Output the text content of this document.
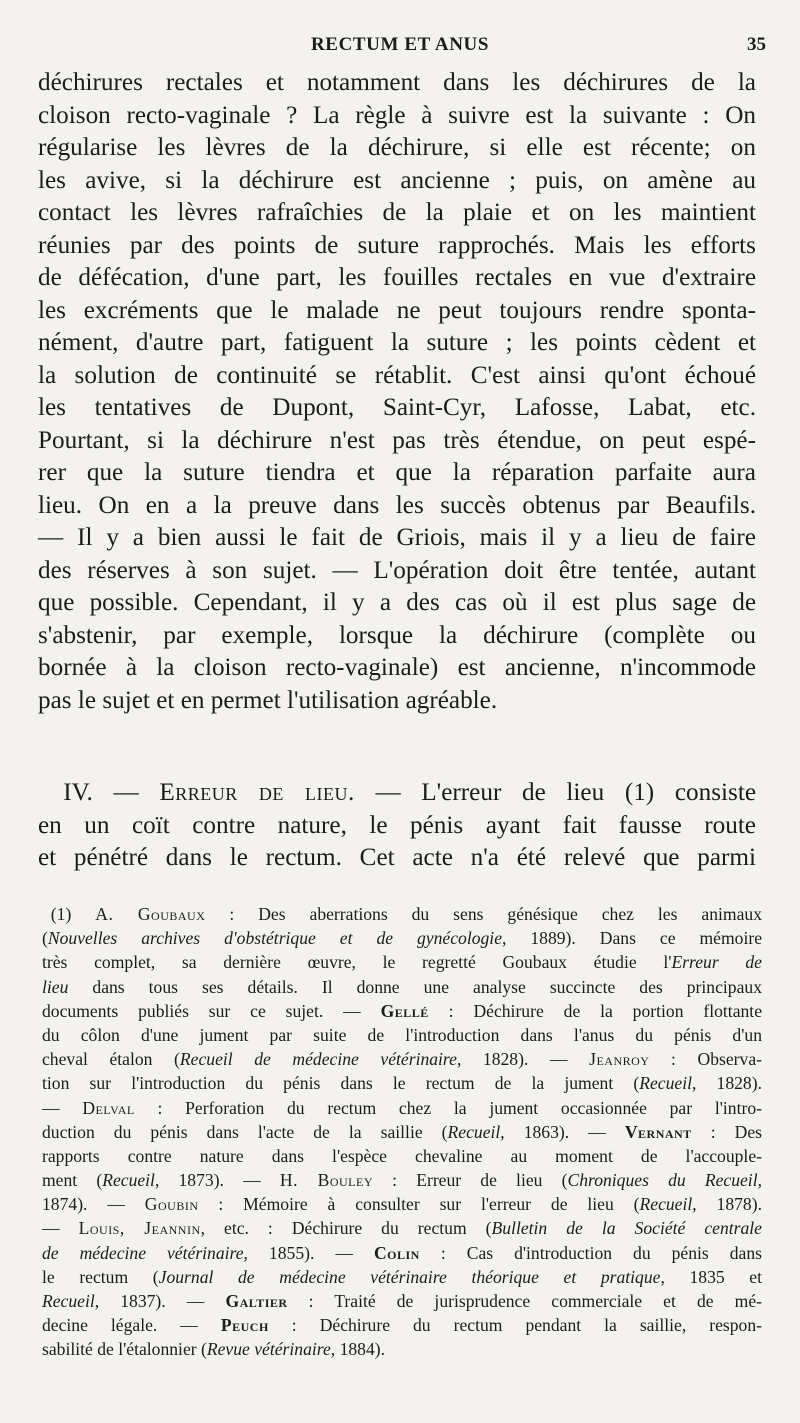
RECTUM ET ANUS	35
déchirures rectales et notamment dans les déchirures de la
cloison recto-vaginale ? La règle à suivre est la suivante : On
régularise les lèvres de la déchirure, si elle est récente; on
les avive, si la déchirure est ancienne ; puis, on amène au
contact les lèvres rafraîchies de la plaie et on les maintient
réunies par des points de suture rapprochés. Mais les efforts
de défécation, d'une part, les fouilles rectales en vue d'extraire
les excréments que le malade ne peut toujours rendre sponta-
nément, d'autre part, fatiguent la suture ; les points cèdent et
la solution de continuité se rétablit. C'est ainsi qu'ont échoué
les tentatives de Dupont, Saint-Cyr, Lafosse, Labat, etc.
Pourtant, si la déchirure n'est pas très étendue, on peut espé-
rer que la suture tiendra et que la réparation parfaite aura
lieu. On en a la preuve dans les succès obtenus par Beaufils.
— Il y a bien aussi le fait de Griois, mais il y a lieu de faire
des réserves à son sujet. — L'opération doit être tentée, autant
que possible. Cependant, il y a des cas où il est plus sage de
s'abstenir, par exemple, lorsque la déchirure (complète ou
bornée à la cloison recto-vaginale) est ancienne, n'incommode
pas le sujet et en permet l'utilisation agréable.
 IV. — Erreur de lieu. — L'erreur de lieu (1) consiste
en un coït contre nature, le pénis ayant fait fausse route
et pénétré dans le rectum. Cet acte n'a été relevé que parmi
 (1) A. Goubaux : Des aberrations du sens génésique chez les animaux
(Nouvelles archives d'obstétrique et de gynécologie, 1889). Dans ce mémoire
très complet, sa dernière œuvre, le regretté Goubaux étudie l'Erreur de
lieu dans tous ses détails. Il donne une analyse succincte des principaux
documents publiés sur ce sujet. — Gellé : Déchirure de la portion flottante
du côlon d'une jument par suite de l'introduction dans l'anus du pénis d'un
cheval étalon (Recueil de médecine vétérinaire, 1828). — Jeanroy : Observa-
tion sur l'introduction du pénis dans le rectum de la jument (Recueil, 1828).
— Delval : Perforation du rectum chez la jument occasionnée par l'intro-
duction du pénis dans l'acte de la saillie (Recueil, 1863). — Vernant : Des
rapports contre nature dans l'espèce chevaline au moment de l'accouple-
ment (Recueil, 1873). — H. Bouley : Erreur de lieu (Chroniques du Recueil,
1874). — Goubin : Mémoire à consulter sur l'erreur de lieu (Recueil, 1878).
— Louis, Jeannin, etc. : Déchirure du rectum (Bulletin de la Société centrale
de médecine vétérinaire, 1855). — Colin : Cas d'introduction du pénis dans
le rectum (Journal de médecine vétérinaire théorique et pratique, 1835 et
Recueil, 1837). — Galtier : Traité de jurisprudence commerciale et de mé-
decine légale. — Peuch : Déchirure du rectum pendant la saillie, respon-
sabilité de l'étalonnier (Revue vétérinaire, 1884).
